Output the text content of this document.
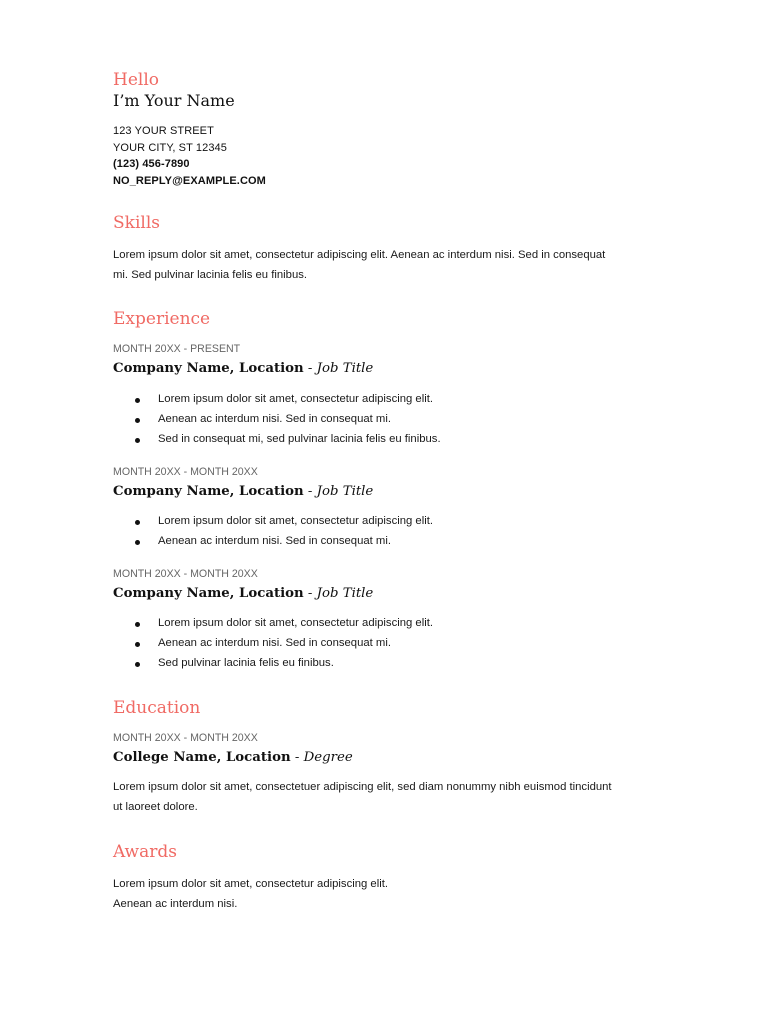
Hello
I’m Your Name
123 YOUR STREET
YOUR CITY, ST 12345
(123) 456-7890
NO_REPLY@EXAMPLE.COM
Skills
Lorem ipsum dolor sit amet, consectetur adipiscing elit. Aenean ac interdum nisi. Sed in consequat
mi. Sed pulvinar lacinia felis eu finibus.
Experience
MONTH 20XX - PRESENT
Company Name, Location - Job Title
Lorem ipsum dolor sit amet, consectetur adipiscing elit.
Aenean ac interdum nisi. Sed in consequat mi.
Sed in consequat mi, sed pulvinar lacinia felis eu finibus.
MONTH 20XX - MONTH 20XX
Company Name, Location - Job Title
Lorem ipsum dolor sit amet, consectetur adipiscing elit.
Aenean ac interdum nisi. Sed in consequat mi.
MONTH 20XX - MONTH 20XX
Company Name, Location - Job Title
Lorem ipsum dolor sit amet, consectetur adipiscing elit.
Aenean ac interdum nisi. Sed in consequat mi.
Sed pulvinar lacinia felis eu finibus.
Education
MONTH 20XX - MONTH 20XX
College Name, Location - Degree
Lorem ipsum dolor sit amet, consectetuer adipiscing elit, sed diam nonummy nibh euismod tincidunt
ut laoreet dolore.
Awards
Lorem ipsum dolor sit amet, consectetur adipiscing elit.
Aenean ac interdum nisi.
